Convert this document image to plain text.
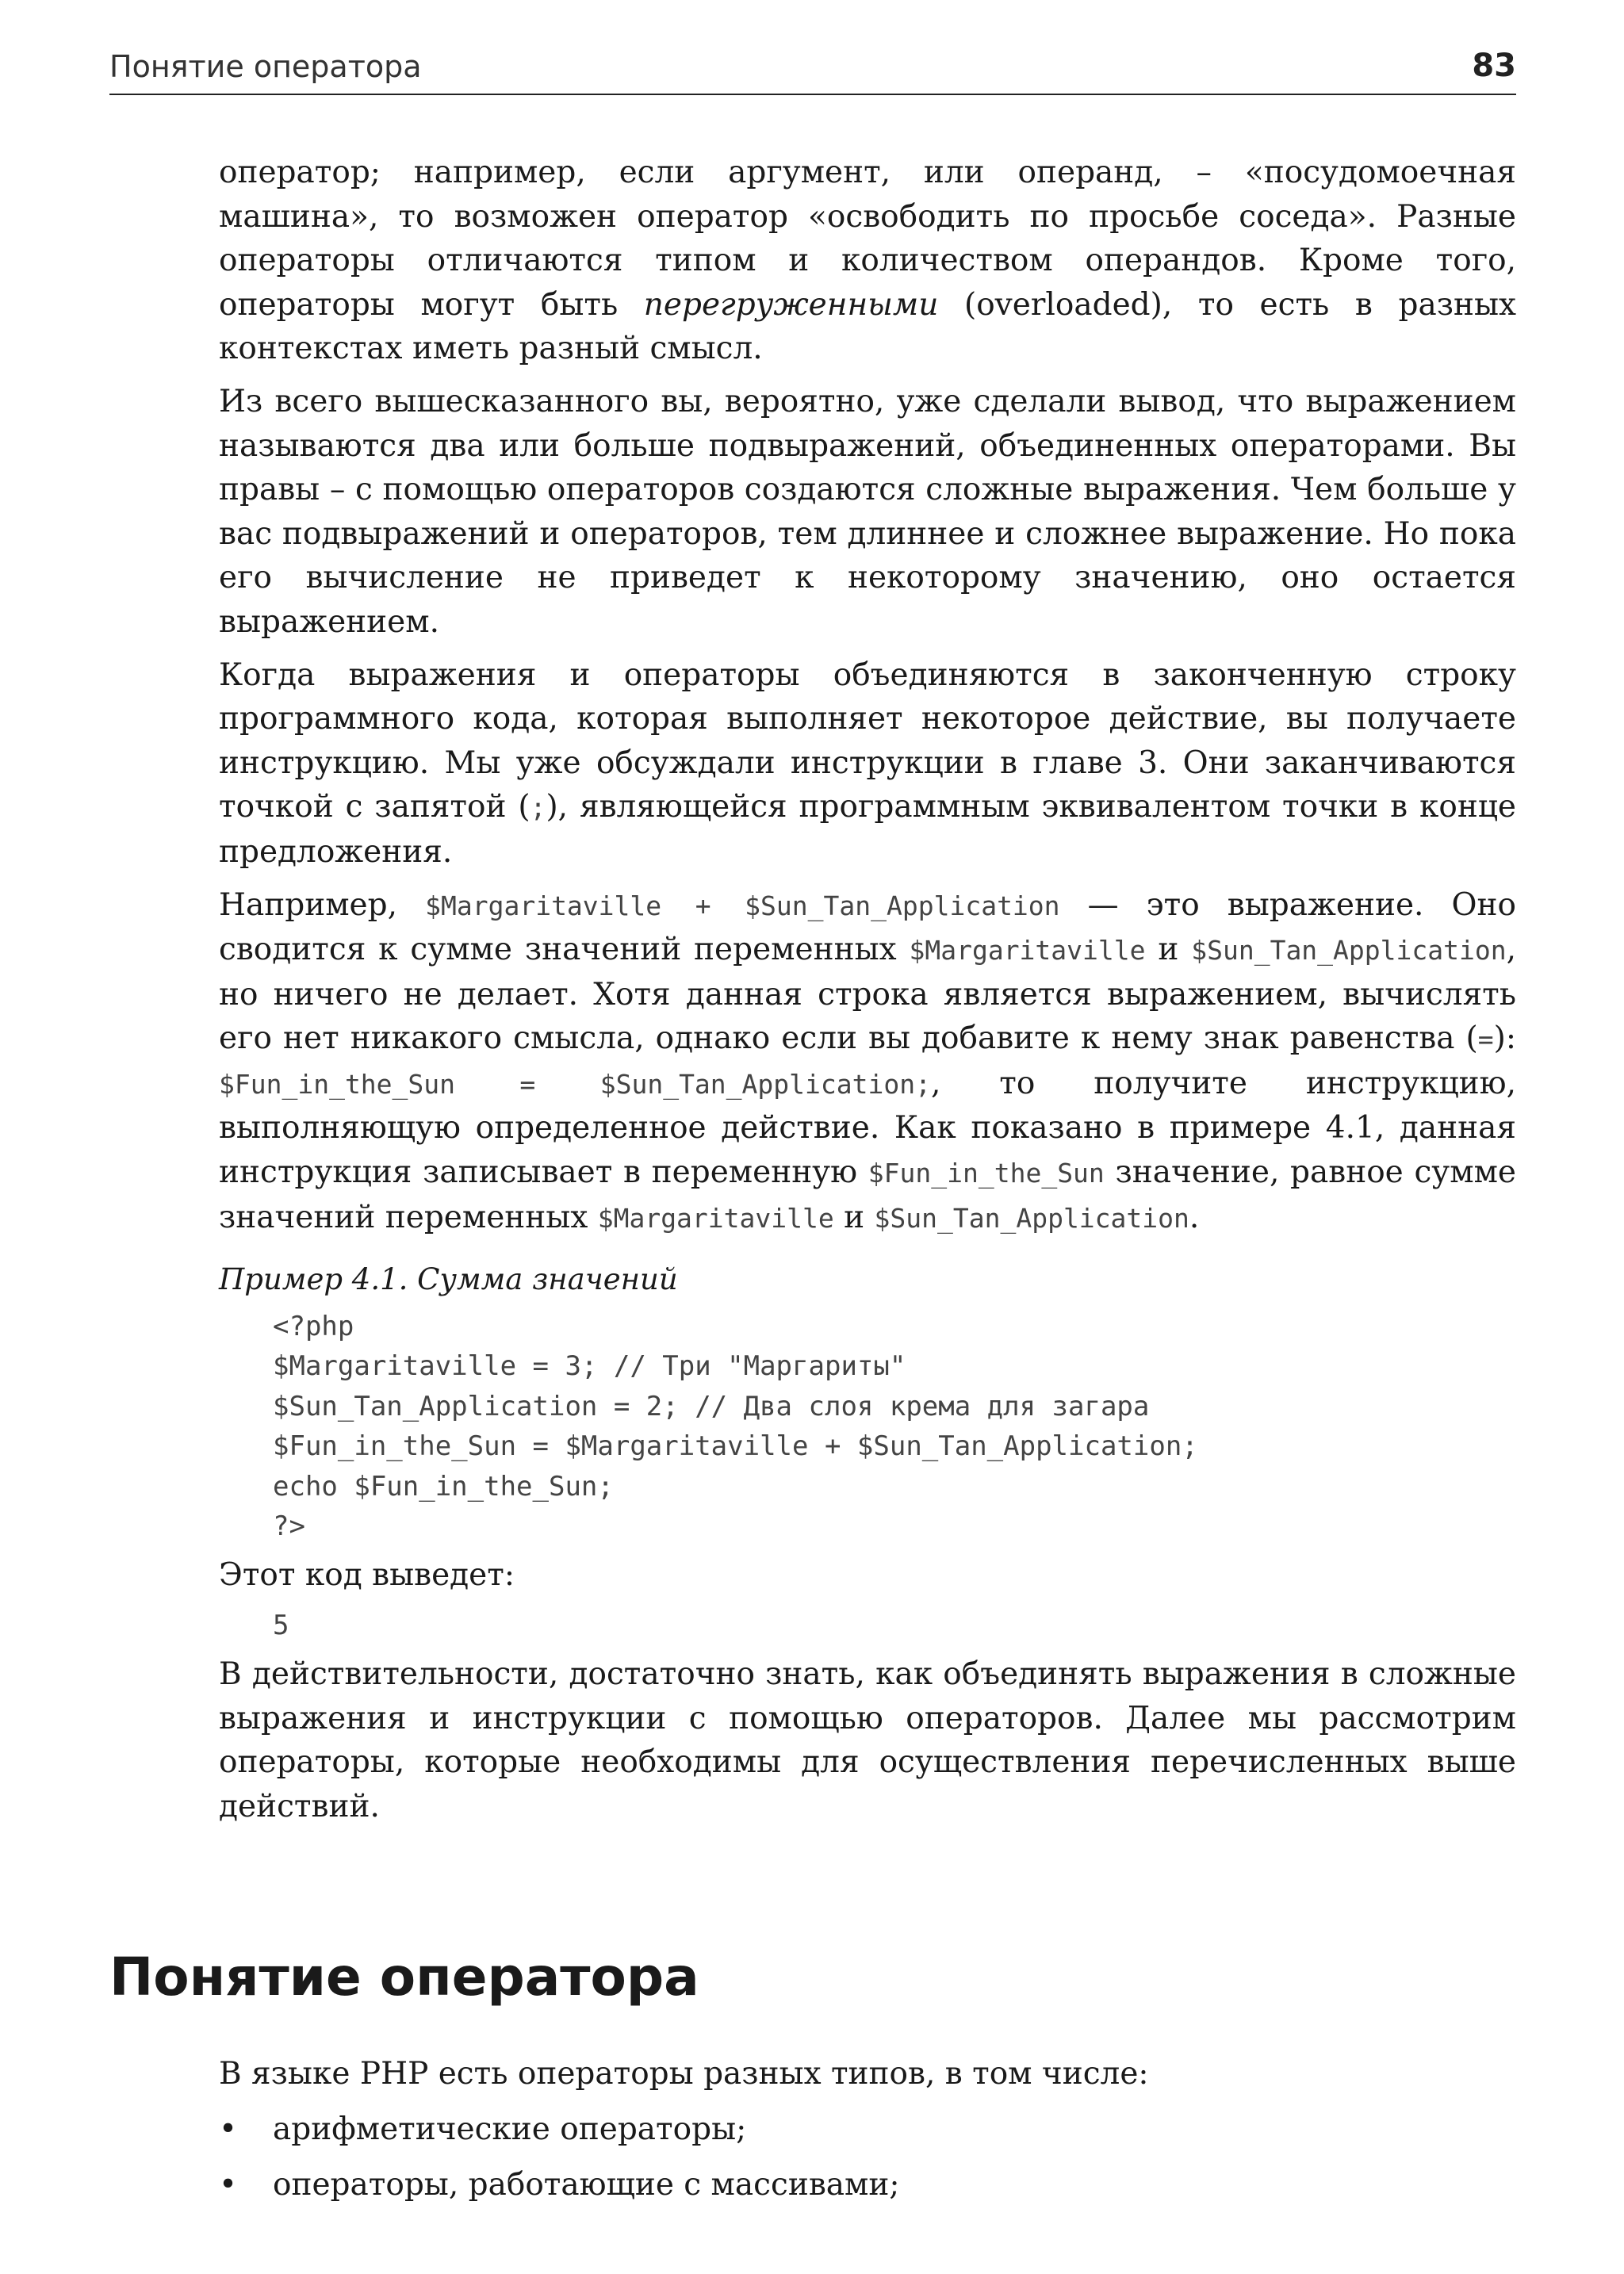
Понятие оператора	83

оператор; например, если аргумент, или операнд, – «посудомоечная машина», то возможен оператор «освободить по просьбе соседа». Разные операторы отличаются типом и количеством операндов. Кроме того, операторы могут быть перегруженными (overloaded), то есть в разных контекстах иметь разный смысл.

Из всего вышесказанного вы, вероятно, уже сделали вывод, что выражением называются два или больше подвыражений, объединенных операторами. Вы правы – с помощью операторов создаются сложные выражения. Чем больше у вас подвыражений и операторов, тем длиннее и сложнее выражение. Но пока его вычисление не приведет к некоторому значению, оно остается выражением.

Когда выражения и операторы объединяются в законченную строку программного кода, которая выполняет некоторое действие, вы получаете инструкцию. Мы уже обсуждали инструкции в главе 3. Они заканчиваются точкой с запятой (;), являющейся программным эквивалентом точки в конце предложения.

Например, $Margaritaville + $Sun_Tan_Application — это выражение. Оно сводится к сумме значений переменных $Margaritaville и $Sun_Tan_Application, но ничего не делает. Хотя данная строка является выражением, вычислять его нет никакого смысла, однако если вы добавите к нему знак равенства (=): $Fun_in_the_Sun = $Sun_Tan_Application;, то получите инструкцию, выполняющую определенное действие. Как показано в примере 4.1, данная инструкция записывает в переменную $Fun_in_the_Sun значение, равное сумме значений переменных $Margaritaville и $Sun_Tan_Application.

Пример 4.1. Сумма значений

<?php
$Margaritaville = 3; // Три "Маргариты"
$Sun_Tan_Application = 2; // Два слоя крема для загара
$Fun_in_the_Sun = $Margaritaville + $Sun_Tan_Application;
echo $Fun_in_the_Sun;
?>

Этот код выведет:

5

В действительности, достаточно знать, как объединять выражения в сложные выражения и инструкции с помощью операторов. Далее мы рассмотрим операторы, которые необходимы для осуществления перечисленных выше действий.

Понятие оператора

В языке PHP есть операторы разных типов, в том числе:

• арифметические операторы;
• операторы, работающие с массивами;
